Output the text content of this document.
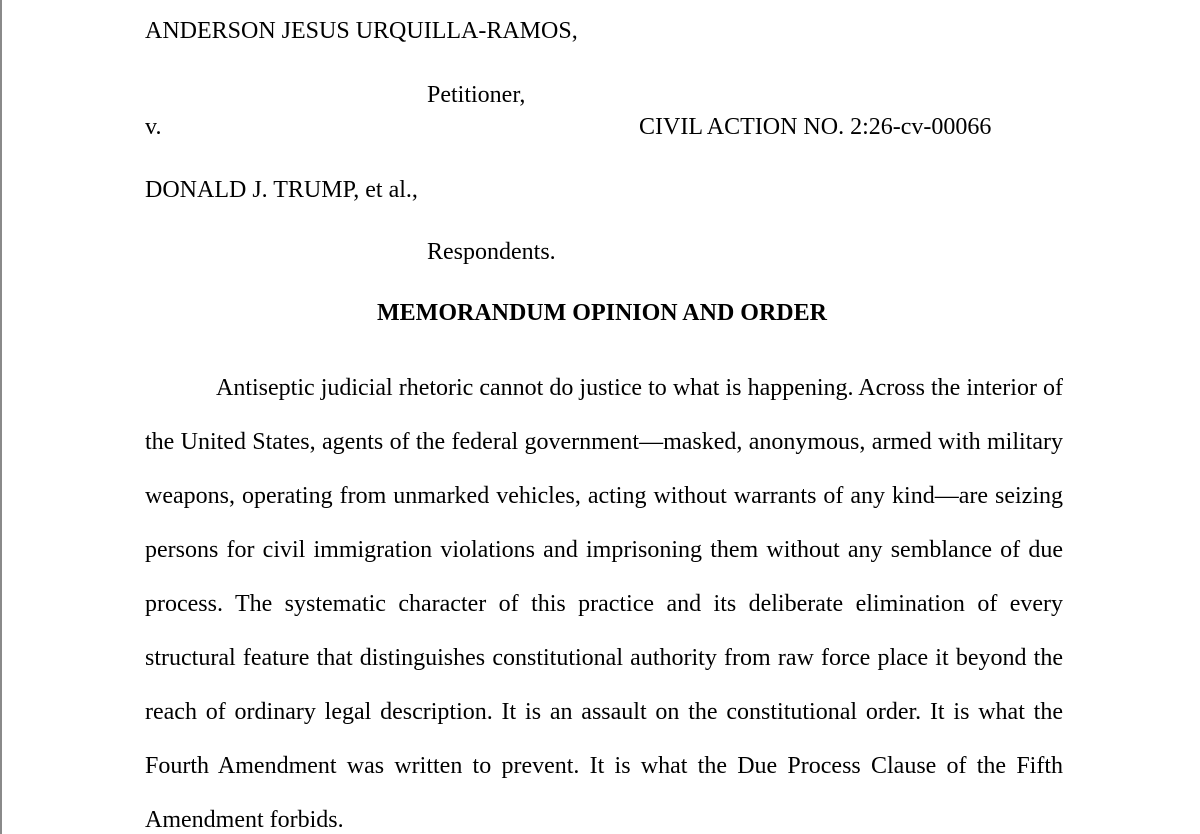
ANDERSON JESUS URQUILLA-RAMOS,
Petitioner,
v.	CIVIL ACTION NO. 2:26-cv-00066
DONALD J. TRUMP, et al.,
Respondents.
MEMORANDUM OPINION AND ORDER

Antiseptic judicial rhetoric cannot do justice to what is happening. Across the interior of the United States, agents of the federal government—masked, anonymous, armed with military weapons, operating from unmarked vehicles, acting without warrants of any kind—are seizing persons for civil immigration violations and imprisoning them without any semblance of due process. The systematic character of this practice and its deliberate elimination of every structural feature that distinguishes constitutional authority from raw force place it beyond the reach of ordinary legal description. It is an assault on the constitutional order. It is what the Fourth Amendment was written to prevent. It is what the Due Process Clause of the Fifth Amendment forbids.
